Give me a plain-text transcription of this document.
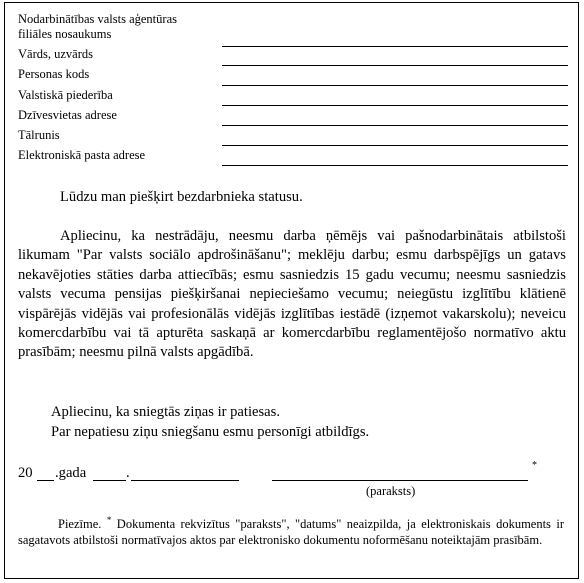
Nodarbinātības valsts aģentūras
filiāles nosaukums
Vārds, uzvārds
Personas kods
Valstiskā piederība
Dzīvesvietas adrese
Tālrunis
Elektroniskā pasta adrese
Lūdzu man piešķirt bezdarbnieka statusu.
Apliecinu, ka nestrādāju, neesmu darba ņēmējs vai pašnodarbinātais atbilstoši likumam "Par valsts sociālo apdrošināšanu"; meklēju darbu; esmu darbspējīgs un gatavs nekavējoties stāties darba attiecībās; esmu sasniedzis 15 gadu vecumu; neesmu sasniedzis valsts vecuma pensijas piešķiršanai nepieciešamo vecumu; neiegūstu izglītību klātienē vispārējās vidējās vai profesionālās vidējās izglītības iestādē (izņemot vakarskolu); neveicu komercdarbību vai tā apturēta saskaņā ar komercdarbību reglamentējošo normatīvo aktu prasībām; neesmu pilnā valsts apgādībā.
Apliecinu, ka sniegtās ziņas ir patiesas.
Par nepatiesu ziņu sniegšanu esmu personīgi atbildīgs.
20 .gada	.	*
(paraksts)
Piezīme. * Dokumenta rekvizītus "paraksts", "datums" neaizpilda, ja elektroniskais dokuments ir sagatavots atbilstoši normatīvajos aktos par elektronisko dokumentu noformēšanu noteiktajām prasībām.
